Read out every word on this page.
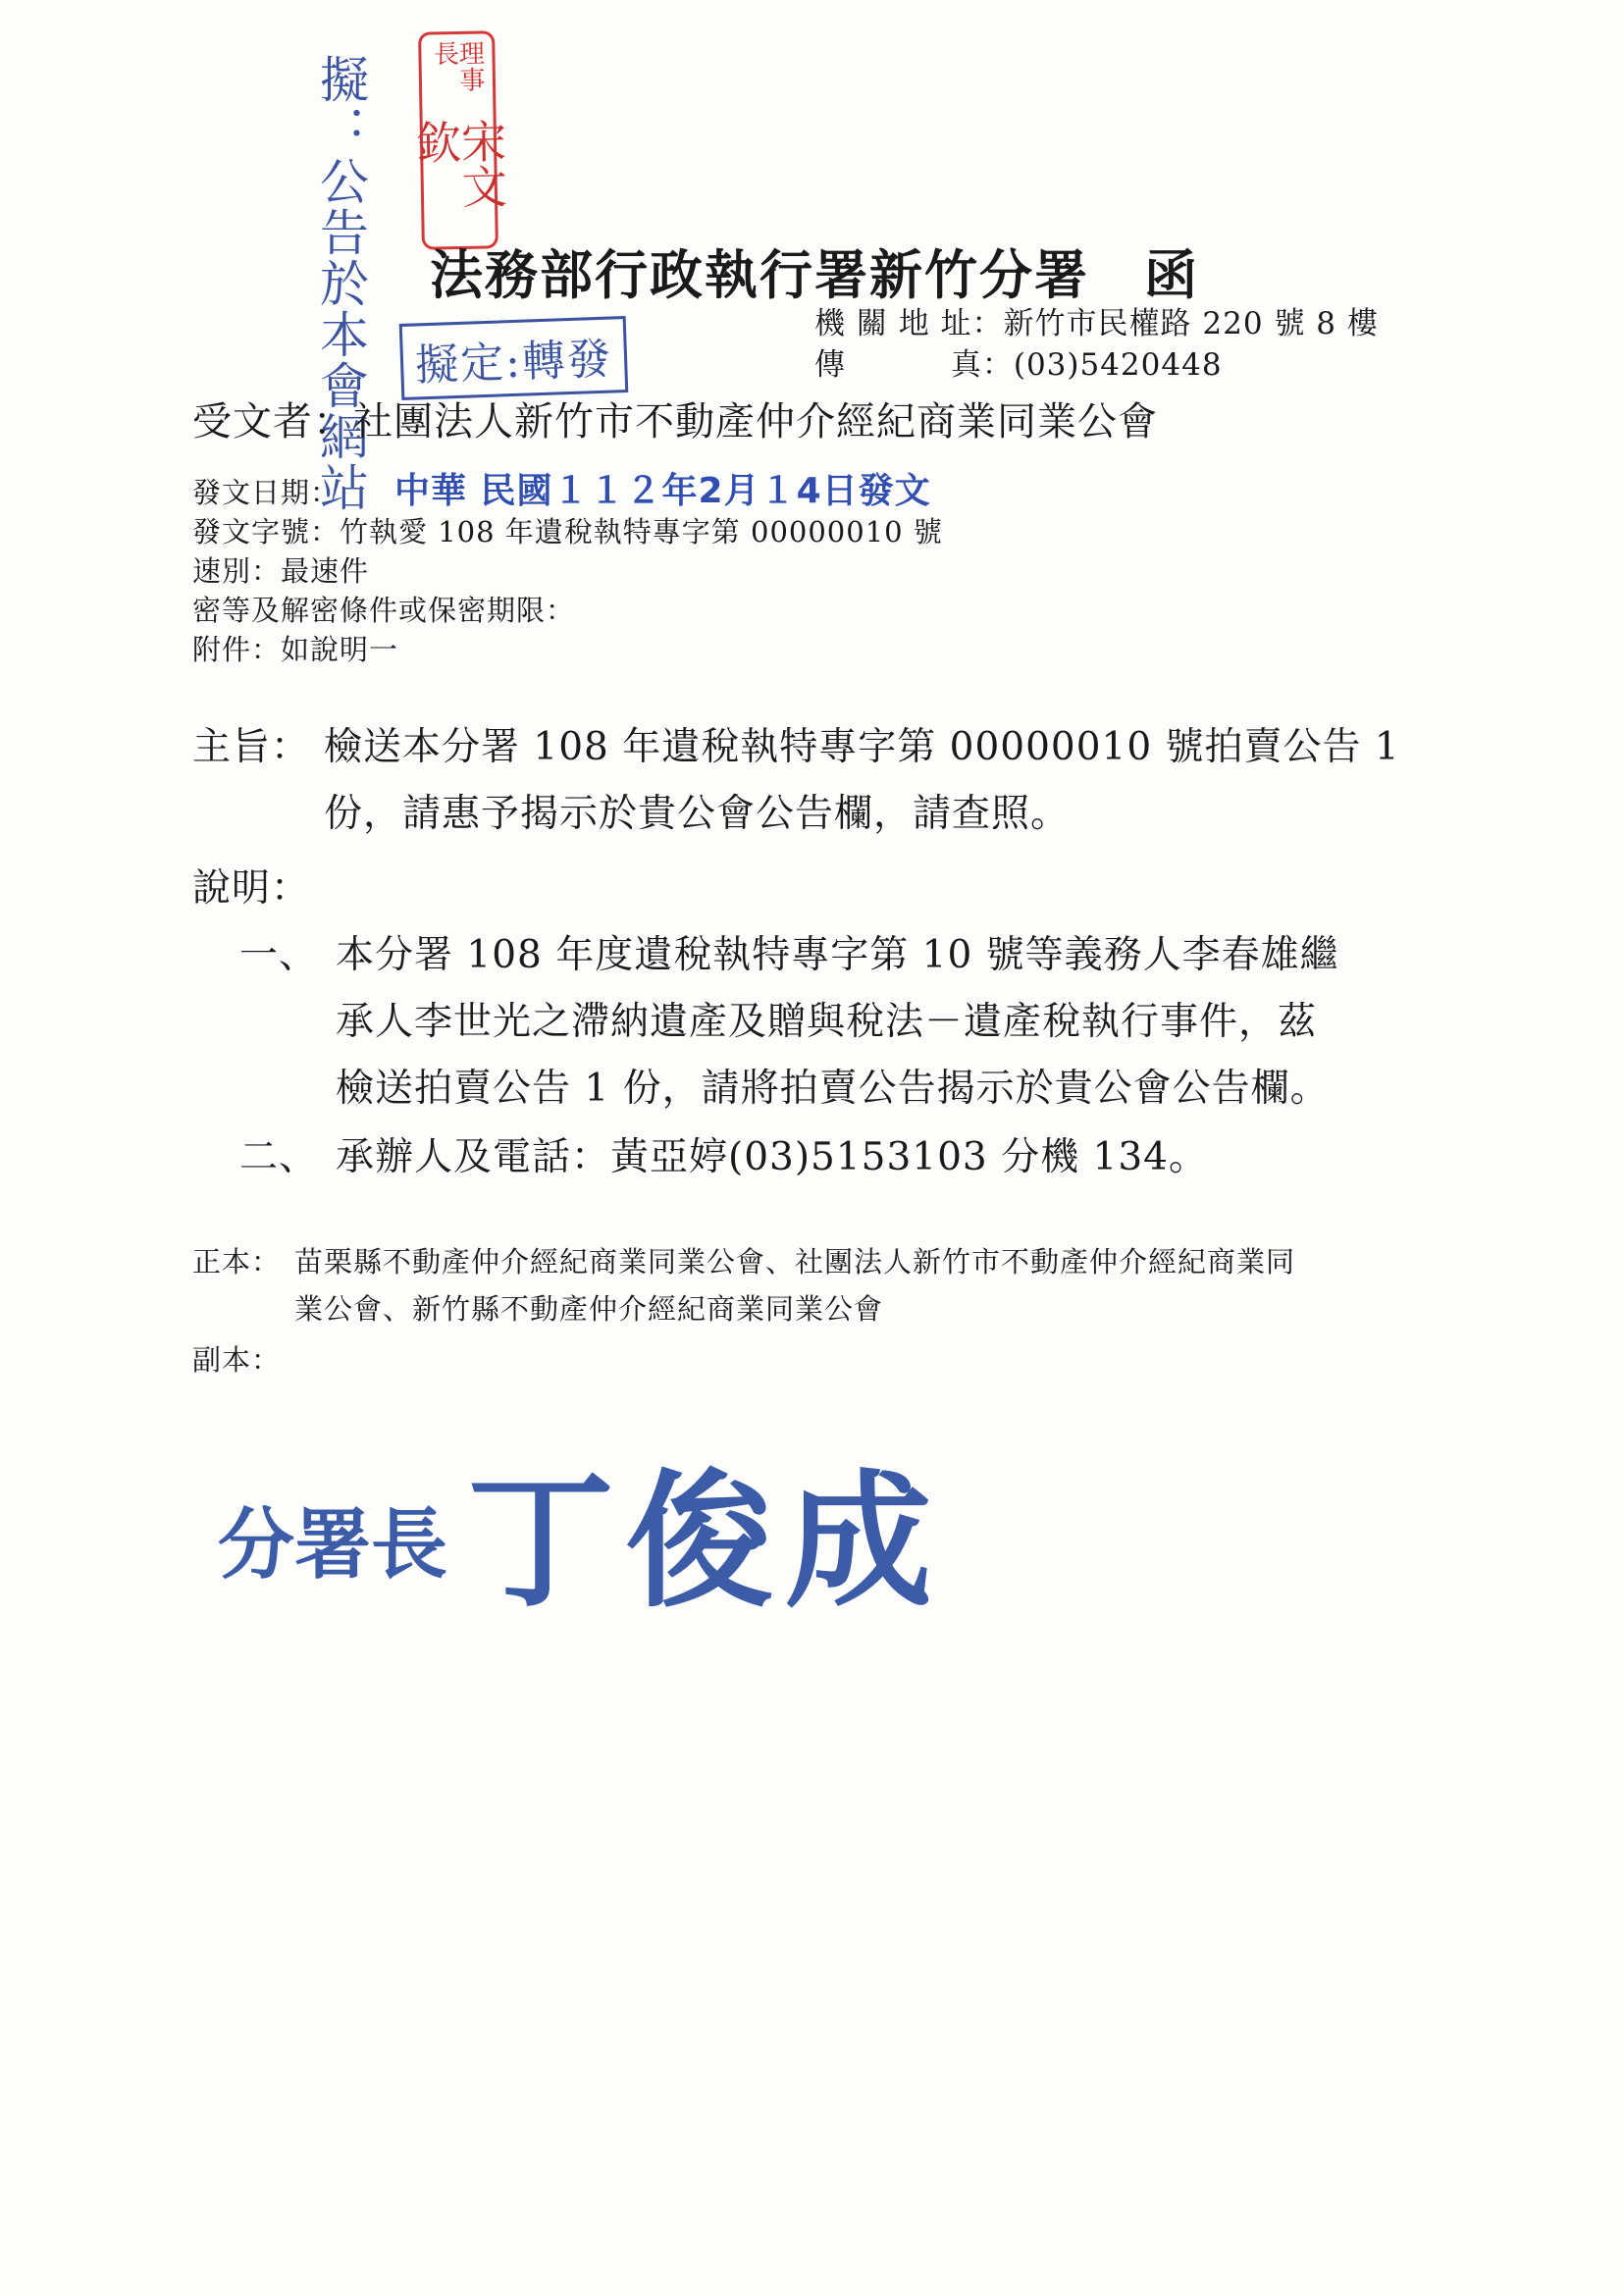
擬：公告於本會網站	理事長
宋文欽
法務部行政執行署新竹分署 函
機 關 地 址：新竹市民權路 220 號 8 樓
傳　　　 真：(03)5420448
擬定:轉發
受文者：社團法人新竹市不動產仲介經紀商業同業公會
發文日期： 中華 民國１１２年2月１4日發文
發文字號：竹執愛 108 年遺稅執特專字第 00000010 號
速別：最速件
密等及解密條件或保密期限：
附件：如說明一
主旨： 檢送本分署 108 年遺稅執特專字第 00000010 號拍賣公告 1
份，請惠予揭示於貴公會公告欄，請查照。
說明：
一、 本分署 108 年度遺稅執特專字第 10 號等義務人李春雄繼
承人李世光之滯納遺產及贈與稅法－遺產稅執行事件，茲
檢送拍賣公告 1 份，請將拍賣公告揭示於貴公會公告欄。
二、 承辦人及電話：黃亞婷(03)5153103 分機 134。
正本： 苗栗縣不動產仲介經紀商業同業公會、社團法人新竹市不動產仲介經紀商業同
業公會、新竹縣不動產仲介經紀商業同業公會
副本：
分署長 丁俊成
